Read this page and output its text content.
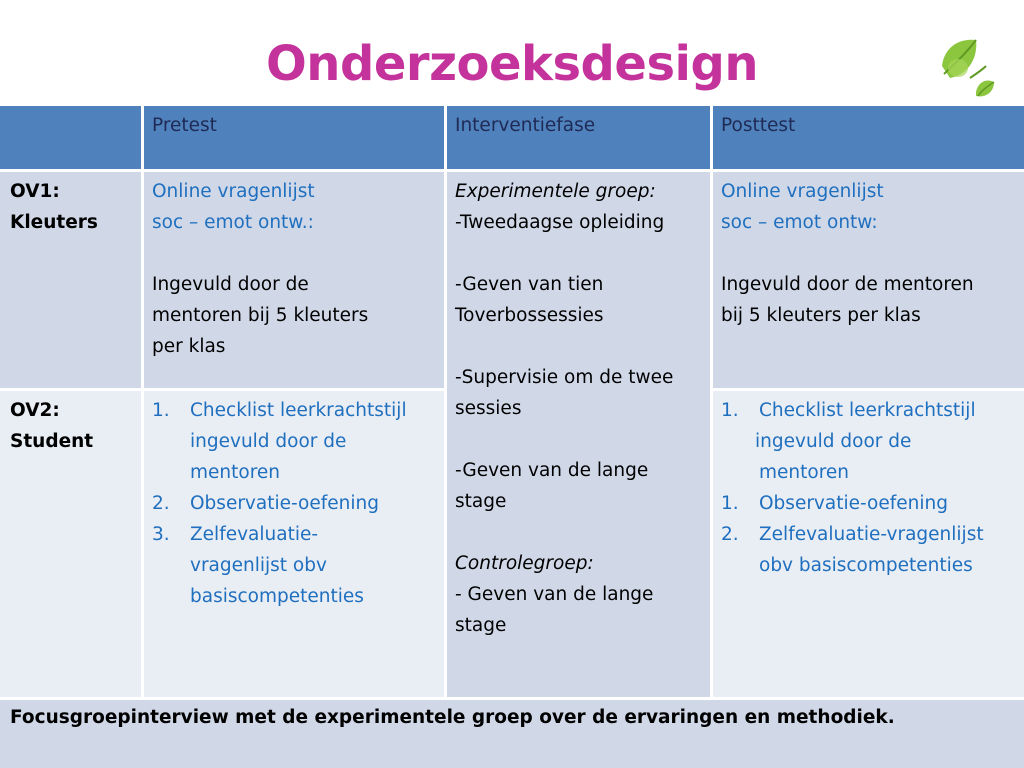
Onderzoeksdesign
Pretest	Interventiefase	Posttest
OV1:
Kleuters
Online vragenlijst
soc – emot ontw.:
Ingevuld door de
mentoren bij 5 kleuters
per klas
Experimentele groep:
-Tweedaagse opleiding
-Geven van tien
Toverbossessies
-Supervisie om de twee
sessies
-Geven van de lange
stage
Controlegroep:
- Geven van de lange
stage
Online vragenlijst
soc – emot ontw:
Ingevuld door de mentoren
bij 5 kleuters per klas
OV2:
Student
1. Checklist leerkrachtstijl
ingevuld door de
mentoren
2. Observatie-oefening
3. Zelfevaluatie-
vragenlijst obv
basiscompetenties
1. Checklist leerkrachtstijl
ingevuld door de
mentoren
1. Observatie-oefening
2. Zelfevaluatie-vragenlijst
obv basiscompetenties
Focusgroepinterview met de experimentele groep over de ervaringen en methodiek.
